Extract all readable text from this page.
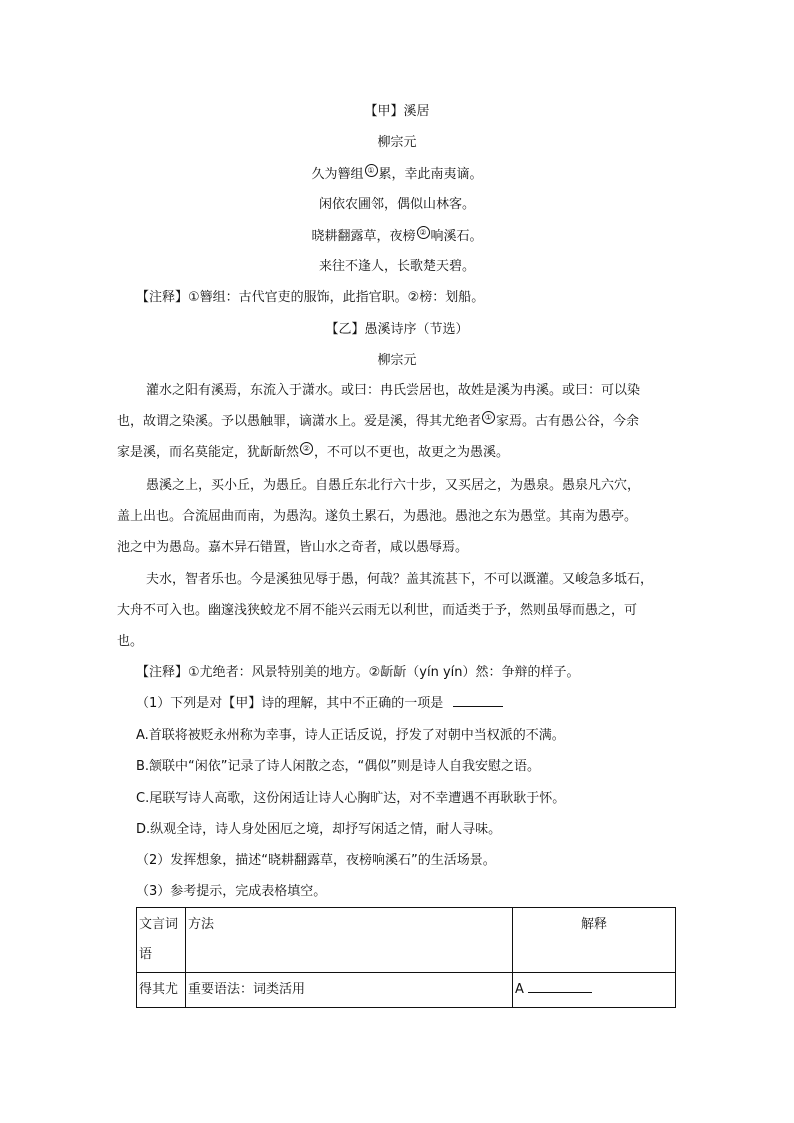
【甲】溪居
柳宗元
久为簪组 ① 累，幸此南夷谪。
闲依农圃邻，偶似山林客。
晓耕翻露草，夜榜 ② 响溪石。
来往不逢人，长歌楚天碧。
【注释】①簪组：古代官吏的服饰，此指官职。②榜：划船。
【乙】愚溪诗序（节选）
柳宗元
灌水之阳有溪焉，东流入于潇水。或曰：冉氏尝居也，故姓是溪为冉溪。或曰：可以染
也，故谓之染溪。予以愚触罪，谪潇水上。爱是溪，得其尤绝者 ① 家焉。古有愚公谷，今余
家是溪，而名莫能定，犹龂龂然 ② ，不可以不更也，故更之为愚溪。
愚溪之上，买小丘，为愚丘。自愚丘东北行六十步，又买居之，为愚泉。愚泉凡六穴，
盖上出也。合流屈曲而南，为愚沟。遂负土累石，为愚池。愚池之东为愚堂。其南为愚亭。
池之中为愚岛。嘉木异石错置，皆山水之奇者，咸以愚辱焉。
夫水，智者乐也。今是溪独见辱于愚，何哉？盖其流甚下，不可以溉灌。又峻急多坻石，
大舟不可入也。幽邃浅狭蛟龙不屑不能兴云雨无以利世，而适类于予，然则虽辱而愚之，可
也。
【注释】①尤绝者：风景特别美的地方。②龂龂（yín yín）然：争辩的样子。
（1）下列是对【甲】诗的理解，其中不正确的一项是
A.首联将被贬永州称为幸事，诗人正话反说，抒发了对朝中当权派的不满。
B.颔联中“闲依”记录了诗人闲散之态，“偶似”则是诗人自我安慰之语。
C.尾联写诗人高歌，这份闲适让诗人心胸旷达，对不幸遭遇不再耿耿于怀。
D.纵观全诗，诗人身处困厄之境，却抒写闲适之情，耐人寻味。
（2）发挥想象，描述“晓耕翻露草，夜榜响溪石”的生活场景。
（3）参考提示，完成表格填空。
文言词语	方法	解释
得其尤	重要语法：词类活用	A
